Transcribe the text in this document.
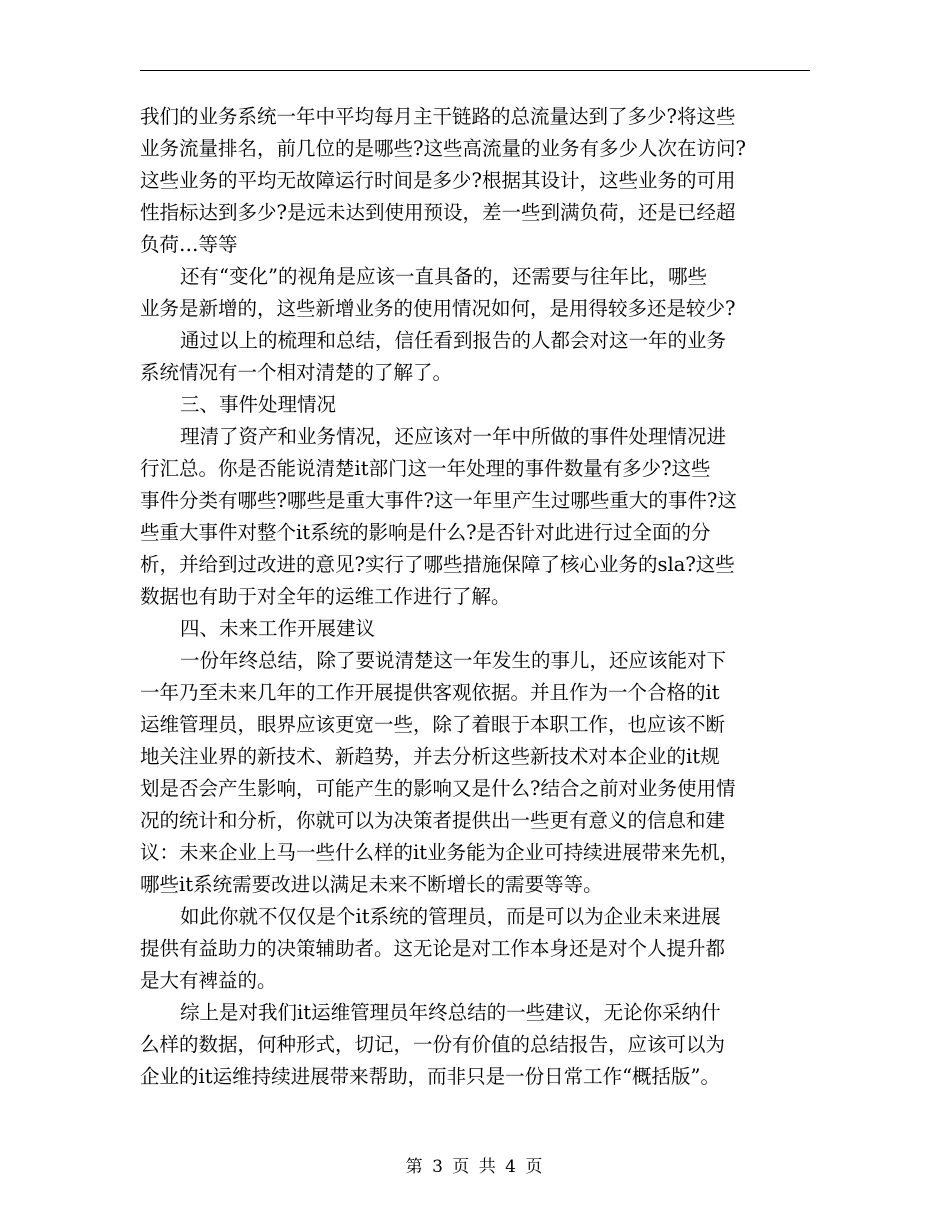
我们的业务系统一年中平均每月主干链路的总流量达到了多少?将这些

业务流量排名，前几位的是哪些?这些高流量的业务有多少人次在访问?

这些业务的平均无故障运行时间是多少?根据其设计，这些业务的可用

性指标达到多少?是远未达到使用预设，差一些到满负荷，还是已经超

负荷…等等

还有“变化”的视角是应该一直具备的，还需要与往年比，哪些

业务是新增的，这些新增业务的使用情况如何，是用得较多还是较少?

通过以上的梳理和总结，信任看到报告的人都会对这一年的业务

系统情况有一个相对清楚的了解了。

三、事件处理情况

理清了资产和业务情况，还应该对一年中所做的事件处理情况进

行汇总。你是否能说清楚it部门这一年处理的事件数量有多少?这些

事件分类有哪些?哪些是重大事件?这一年里产生过哪些重大的事件?这

些重大事件对整个it系统的影响是什么?是否针对此进行过全面的分

析，并给到过改进的意见?实行了哪些措施保障了核心业务的sla?这些

数据也有助于对全年的运维工作进行了解。

四、未来工作开展建议

一份年终总结，除了要说清楚这一年发生的事儿，还应该能对下

一年乃至未来几年的工作开展提供客观依据。并且作为一个合格的it

运维管理员，眼界应该更宽一些，除了着眼于本职工作，也应该不断

地关注业界的新技术、新趋势，并去分析这些新技术对本企业的it规

划是否会产生影响，可能产生的影响又是什么?结合之前对业务使用情

况的统计和分析，你就可以为决策者提供出一些更有意义的信息和建

议：未来企业上马一些什么样的it业务能为企业可持续进展带来先机，

哪些it系统需要改进以满足未来不断增长的需要等等。

如此你就不仅仅是个it系统的管理员，而是可以为企业未来进展

提供有益助力的决策辅助者。这无论是对工作本身还是对个人提升都

是大有裨益的。

综上是对我们it运维管理员年终总结的一些建议，无论你采纳什

么样的数据，何种形式，切记，一份有价值的总结报告，应该可以为

企业的it运维持续进展带来帮助，而非只是一份日常工作“概括版”。

第 3 页 共 4 页
